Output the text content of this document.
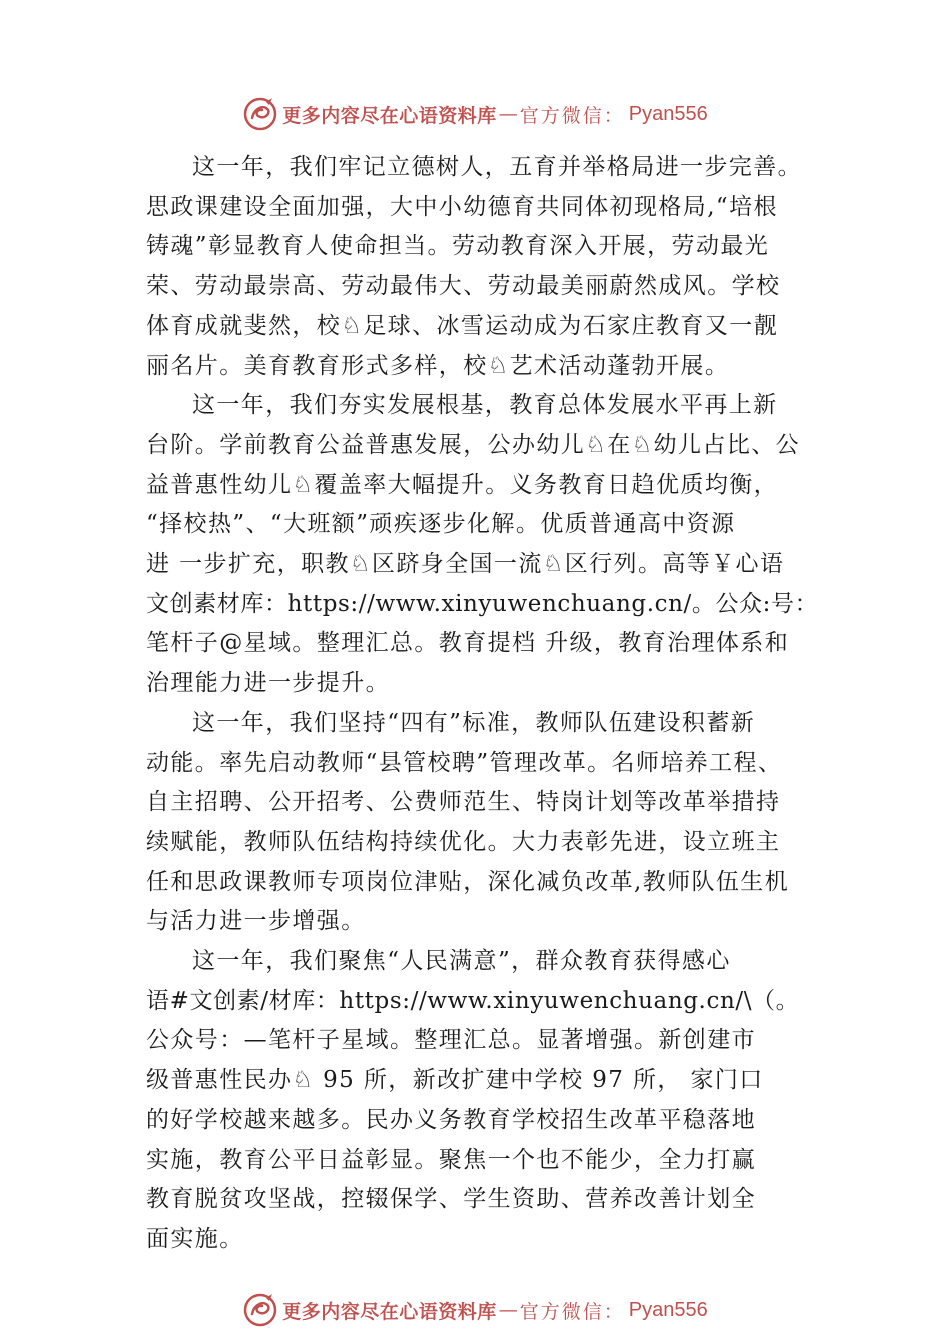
更多内容尽在心语资料库 — 官方微信： Pyan556

这一年，我们牢记立德树人，五育并举格局进一步完善。
思政课建设全面加强，大中小幼德育共同体初现格局,“培根
铸魂”彰显教育人使命担当。劳动教育深入开展，劳动最光
荣、劳动最崇高、劳动最伟大、劳动最美丽蔚然成风。学校
体育成就斐然，校♘足球、冰雪运动成为石家庄教育又一靓
丽名片。美育教育形式多样，校♘艺术活动蓬勃开展。

这一年，我们夯实发展根基，教育总体发展水平再上新
台阶。学前教育公益普惠发展，公办幼儿♘在♘幼儿占比、公
益普惠性幼儿♘覆盖率大幅提升。义务教育日趋优质均衡，
“择校热”、“大班额”顽疾逐步化解。优质普通高中资源
进 一步扩充，职教♘区跻身全国一流♘区行列。高等￥心语
文创素材库：https://www.xinyuwenchuang.cn/。公众:号：
笔杆子@星域。整理汇总。教育提档 升级，教育治理体系和
治理能力进一步提升。

这一年，我们坚持“四有”标准，教师队伍建设积蓄新
动能。率先启动教师“县管校聘”管理改革。名师培养工程、
自主招聘、公开招考、公费师范生、特岗计划等改革举措持
续赋能，教师队伍结构持续优化。大力表彰先进，设立班主
任和思政课教师专项岗位津贴，深化减负改革,教师队伍生机
与活力进一步增强。

这一年，我们聚焦“人民满意”，群众教育获得感心
语#文创素/材库：https://www.xinyuwenchuang.cn/\（。
公众号：—笔杆子星域。整理汇总。显著增强。新创建市
级普惠性民办♘ 95 所，新改扩建中学校 97 所， 家门口
的好学校越来越多。民办义务教育学校招生改革平稳落地
实施，教育公平日益彰显。聚焦一个也不能少，全力打赢
教育脱贫攻坚战，控辍保学、学生资助、营养改善计划全
面实施。

更多内容尽在心语资料库 — 官方微信： Pyan556
